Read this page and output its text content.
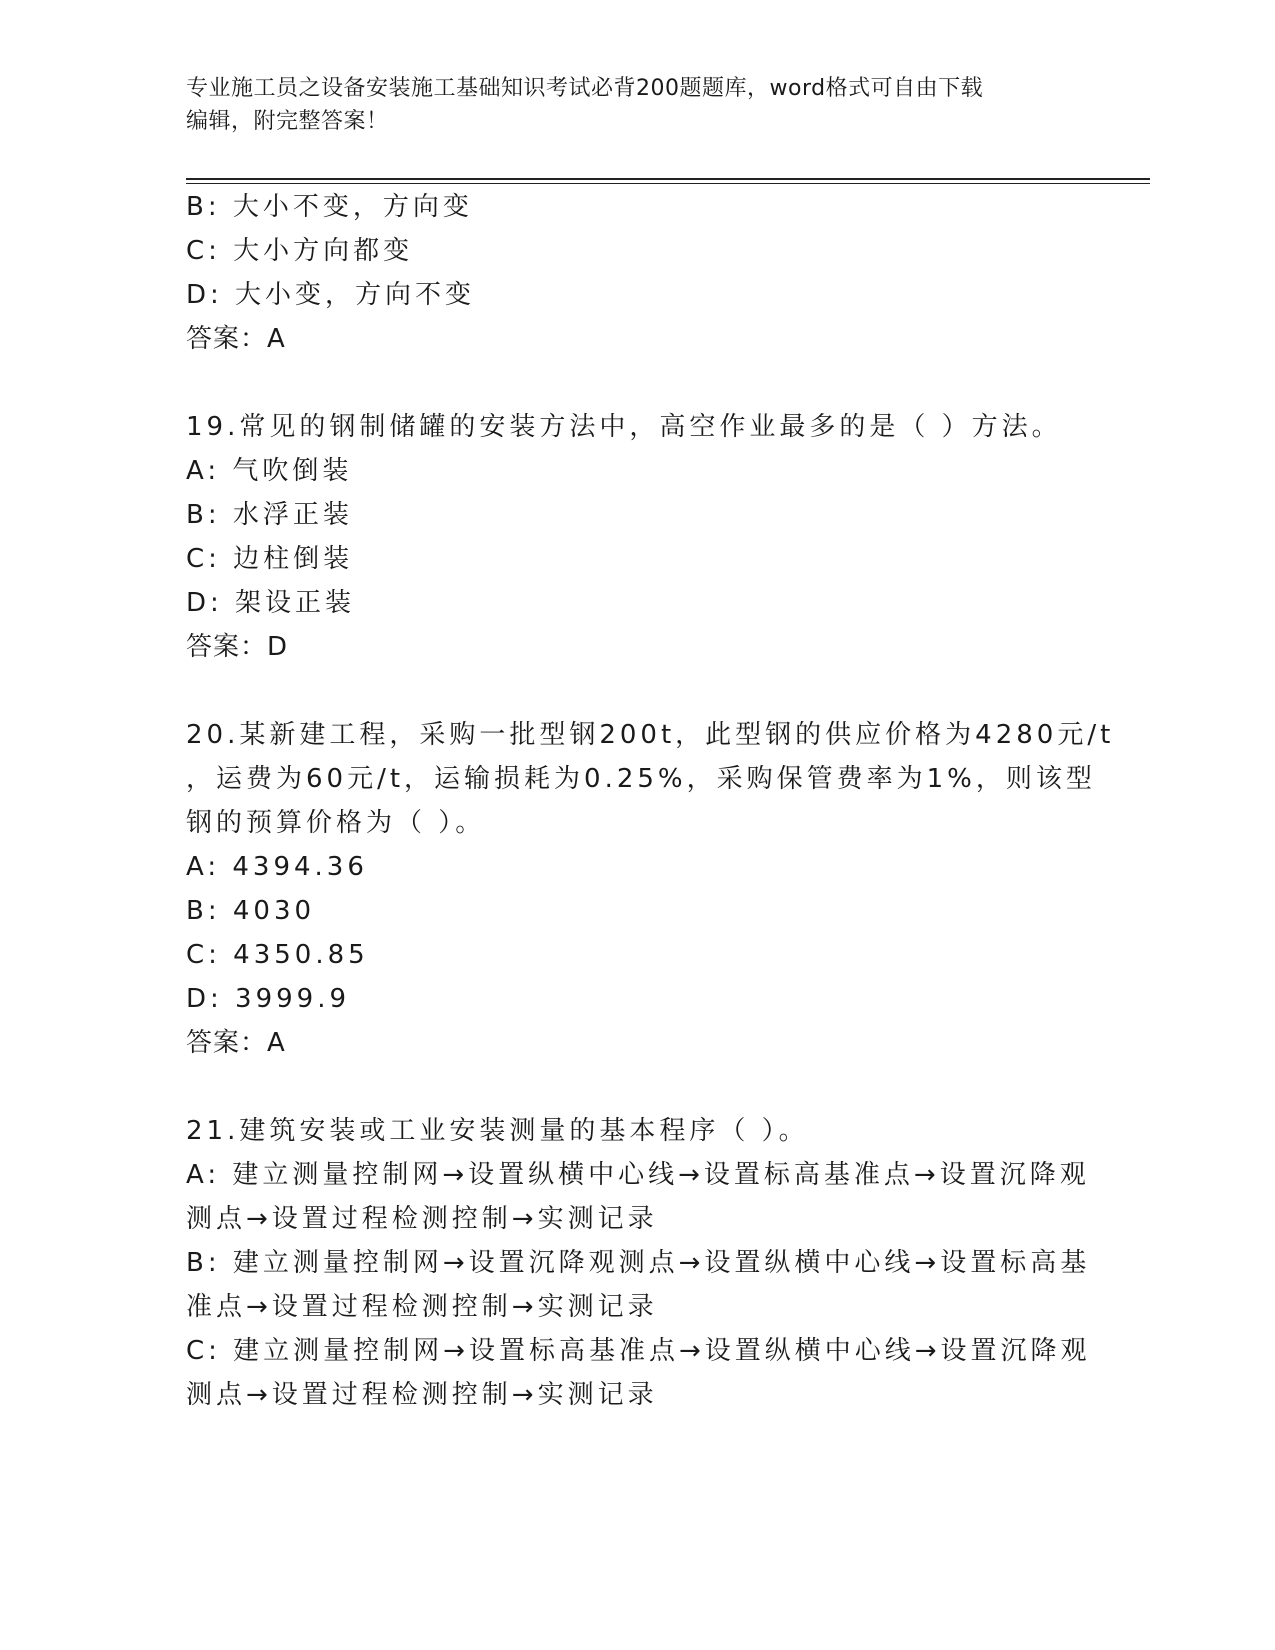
专业施工员之设备安装施工基础知识考试必背200题题库，word格式可自由下载
编辑，附完整答案！
B: 大小不变，方向变
C: 大小方向都变
D: 大小变，方向不变
答案：A
19.常见的钢制储罐的安装方法中，高空作业最多的是（ ）方法。
A: 气吹倒装
B: 水浮正装
C: 边柱倒装
D: 架设正装
答案：D
20.某新建工程，采购一批型钢200t，此型钢的供应价格为4280元/t
，运费为60元/t，运输损耗为0.25%，采购保管费率为1%，则该型
钢的预算价格为（ ）。
A: 4394.36
B: 4030
C: 4350.85
D: 3999.9
答案：A
21.建筑安装或工业安装测量的基本程序（ ）。
A: 建立测量控制网→设置纵横中心线→设置标高基准点→设置沉降观
测点→设置过程检测控制→实测记录
B: 建立测量控制网→设置沉降观测点→设置纵横中心线→设置标高基
准点→设置过程检测控制→实测记录
C: 建立测量控制网→设置标高基准点→设置纵横中心线→设置沉降观
测点→设置过程检测控制→实测记录
